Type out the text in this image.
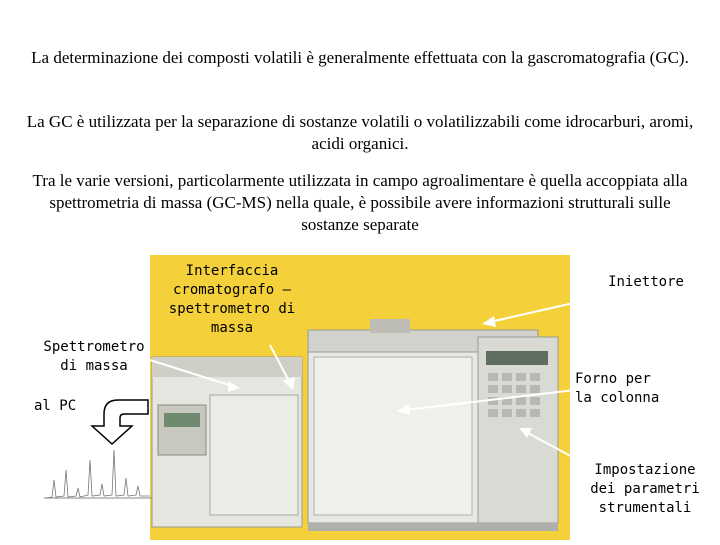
La determinazione dei composti volatili è generalmente effettuata con la gascromatografia (GC).
La GC è utilizzata per la separazione di sostanze volatili o volatilizzabili come idrocarburi, aromi, acidi organici.
Tra le varie versioni, particolarmente utilizzata in campo agroalimentare è quella accoppiata alla spettrometria di massa (GC-MS) nella quale, è possibile avere informazioni strutturali sulle sostanze separate
Interfaccia
cromatografo –
spettrometro di
massa
Spettrometro
di massa
al PC
Iniettore
Forno per
la colonna
Impostazione
dei parametri
strumentali
